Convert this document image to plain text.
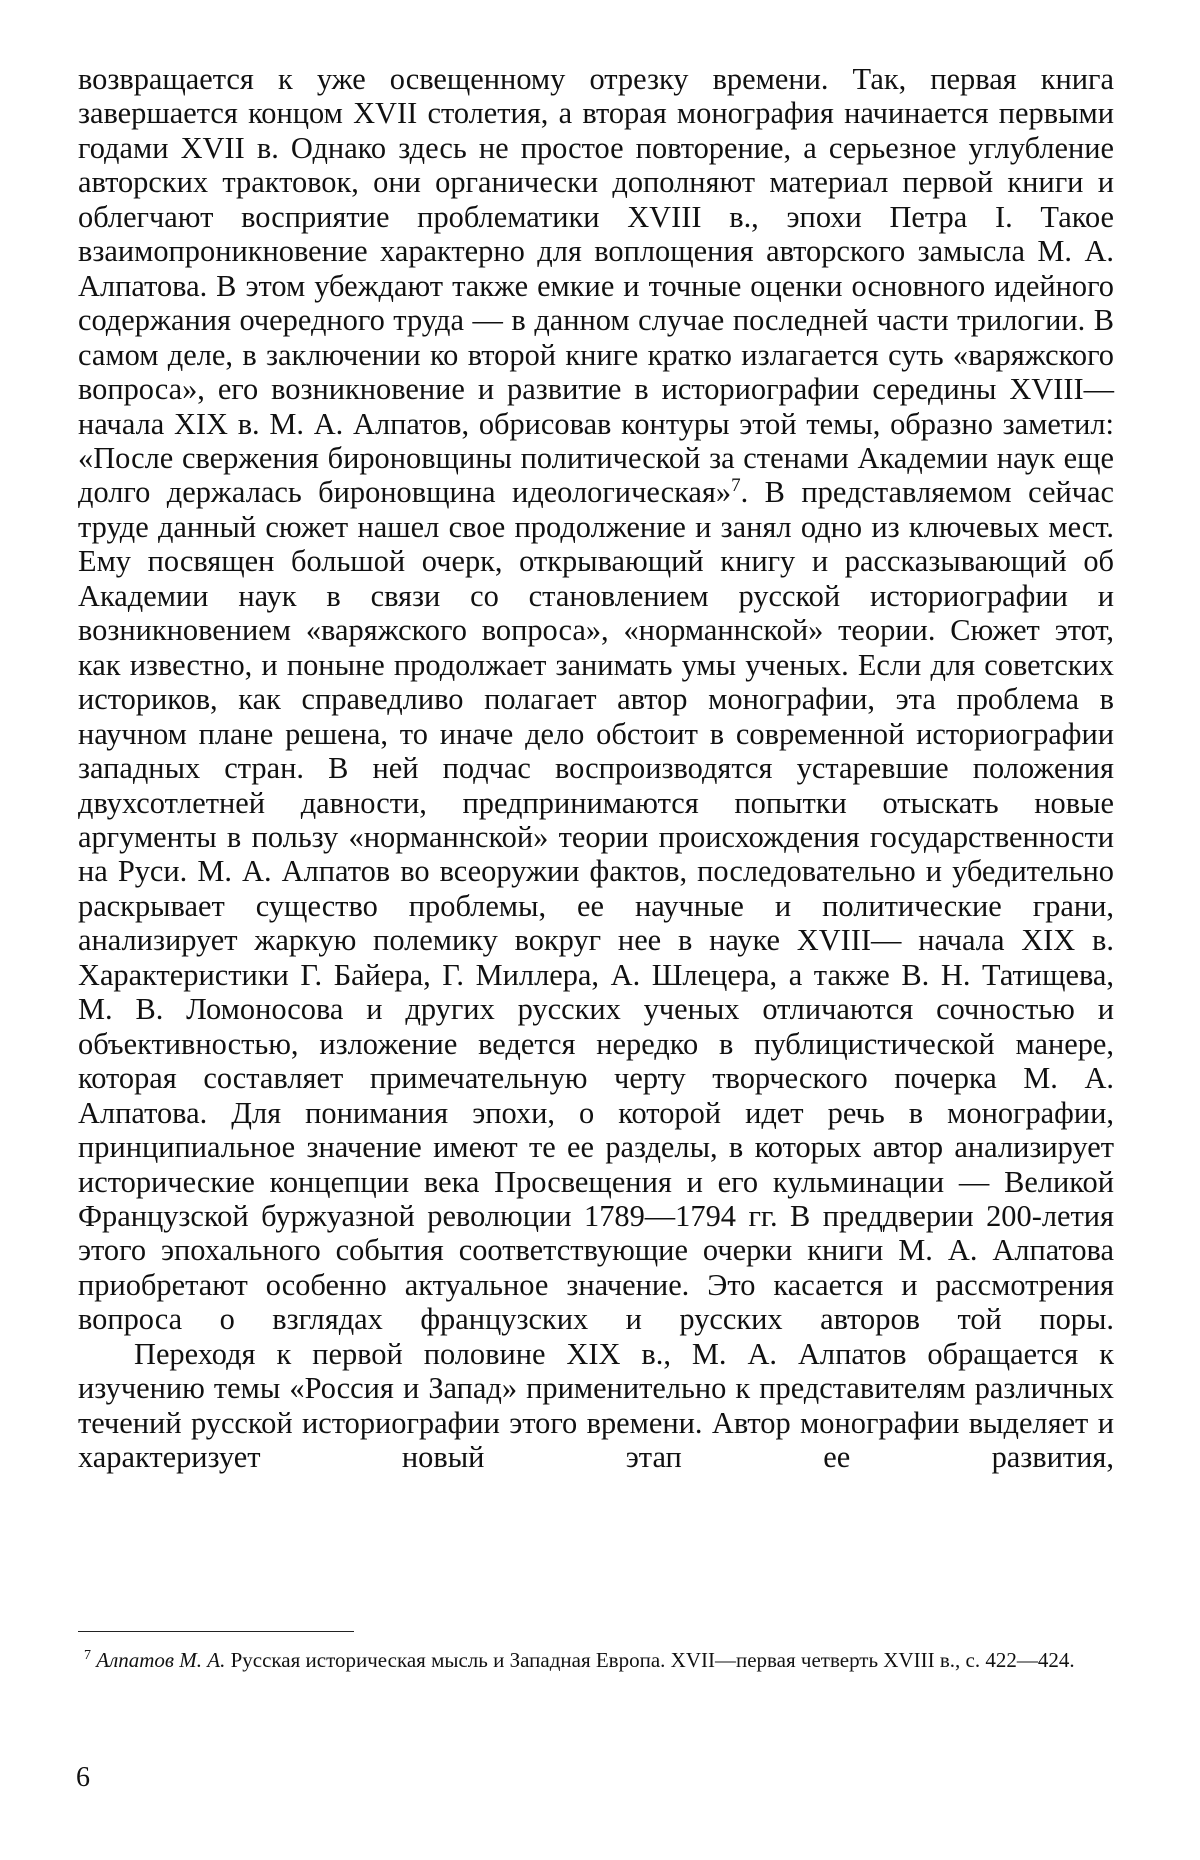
возвращается к уже освещенному отрезку времени. Так, первая книга завершается концом XVII столетия, а вторая монография начинается первыми годами XVII в. Однако здесь не простое повторение, а серьезное углубление авторских трактовок, они органически дополняют материал первой книги и облегчают восприятие проблематики XVIII в., эпохи Петра I. Такое взаимопроникновение характерно для воплощения авторского замысла М. А. Алпатова. В этом убеждают также емкие и точные оценки основного идейного содержания очередного труда — в данном случае последней части трилогии. В самом деле, в заключении ко второй книге кратко излагается суть «варяжского вопроса», его возникновение и развитие в историографии середины XVIII—начала XIX в. М. А. Алпатов, обрисовав контуры этой темы, образно заметил: «После свержения бироновщины политической за стенами Академии наук еще долго держалась бироновщина идеологическая»$^7$. В представляемом сейчас труде данный сюжет нашел свое продолжение и занял одно из ключевых мест. Ему посвящен большой очерк, открывающий книгу и рассказывающий об Академии наук в связи со становлением русской историографии и возникновением «варяжского вопроса», «норманнской» теории. Сюжет этот, как известно, и поныне продолжает занимать умы ученых. Если для советских историков, как справедливо полагает автор монографии, эта проблема в научном плане решена, то иначе дело обстоит в современной историографии западных стран. В ней подчас воспроизводятся устаревшие положения двухсотлетней давности, предпринимаются попытки отыскать новые аргументы в пользу «норманнской» теории происхождения государственности на Руси. М. А. Алпатов во всеоружии фактов, последовательно и убедительно раскрывает существо проблемы, ее научные и политические грани, анализирует жаркую полемику вокруг нее в науке XVIII— начала XIX в. Характеристики Г. Байера, Г. Миллера, А. Шлецера, а также В. Н. Татищева, М. В. Ломоносова и других русских ученых отличаются сочностью и объективностью, изложение ведется нередко в публицистической манере, которая составляет примечательную черту творческого почерка М. А. Алпатова. Для понимания эпохи, о которой идет речь в монографии, принципиальное значение имеют те ее разделы, в которых автор анализирует исторические концепции века Просвещения и его кульминации — Великой Французской буржуазной революции 1789—1794 гг. В преддверии 200-летия этого эпохального события соответствующие очерки книги М. А. Алпатова приобретают особенно актуальное значение. Это касается и рассмотрения вопроса о взглядах французских и русских авторов той поры.

Переходя к первой половине XIX в., М. А. Алпатов обращается к изучению темы «Россия и Запад» применительно к представителям различных течений русской историографии этого времени. Автор монографии выделяет и характеризует новый этап ее развития,

$^7$ Алпатов М. А. Русская историческая мысль и Западная Европа. XVII—первая четверть XVIII в., с. 422—424.

6
